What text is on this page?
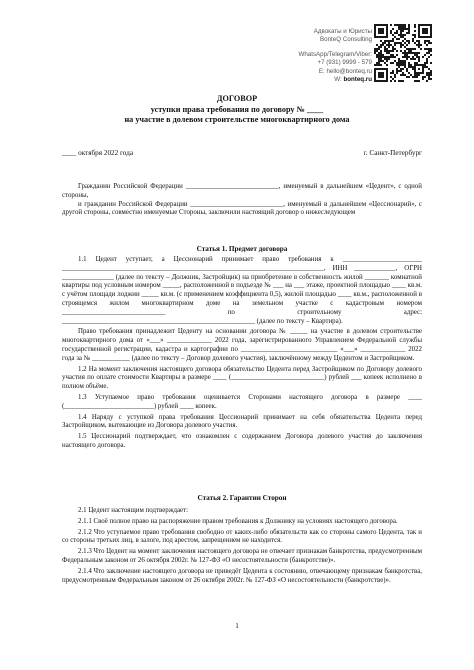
Адвокаты и Юристы
BonteQ Consulting
WhatsApp/Telegram/Viber:
+7 (931) 9999 - 579
E: hello@bonteq.ru
W: bonteq.ru
ДОГОВОР
уступки права требования по договору № ____
на участие в долевом строительстве многоквартирного дома
____ октября 2022 года	г. Санкт-Петербург

Гражданин Российской Федерации ___________________________, именуемый в дальнейшем «Цедент», с одной стороны,

и гражданин Российской Федерации ___________________________, именуемый в дальнейшем «Цессионарий», с другой стороны, совместно именуемые Стороны, заключили настоящий договор о нижеследующем

Статья 1. Предмет договора

1.1 Цедент уступает, а Цессионарий принимает право требования к _______________________ ____________________________________________________________________________, ИНН ____________, ОГРН _______________ (далее по тексту – Должник, Застройщик) на приобретение в собственность жилой _______ комнатной квартиры под условным номером _____, расположенной в подъезде № ___ на ___ этаже, проектной площадью ____ кв.м. с учётом площади лоджии _____ кв.м. (с применением коэффициента 0,5), жилой площадью ____ кв.м., расположенной в строящемся жилом многоквартирном доме на земельном участке с кадастровым номером ______________________________ по строительному адрес: ________________________________________________________ (далее по тексту – Квартира).

Право требования принадлежит Цеденту на основании договора № _____ на участие в долевом строительстве многоквартирного дома от «___» _____________ 2022 года, зарегистрированного Управлением Федеральной службы государственной регистрации, кадастра и картографии по ____________________________ «___» _____________ 2022 года за № ___________ (далее по тексту – Договор долевого участия), заключённому между Цедентом и Застройщиком.

1.2 На момент заключения настоящего договора обязательство Цедента перед Застройщиком по Договору долевого участия по оплате стоимости Квартиры в размере ____ (___________________________) рублей ___ копеек исполнено в полном объёме.

1.3 Уступаемое право требования оценивается Сторонами настоящего договора в размере ____ (__________________________) рублей ____ копеек.

1.4 Наряду с уступкой права требования Цессионарий принимает на себя обязательства Цедента перед Застройщиком, вытекающие из Договора долевого участия.

1.5 Цессионарий подтверждает, что ознакомлен с содержанием Договора долевого участия до заключения настоящего договора.

Статья 2. Гарантии Сторон

2.1 Цедент настоящим подтверждает:

2.1.1 Своё полное право на распоряжение правом требования к Должнику на условиях настоящего договора.

2.1.2 Что уступаемое право требования свободно от каких-либо обязательств как со стороны самого Цедента, так и со стороны третьих лиц, в залоге, под арестом, запрещением не находится.

2.1.3 Что Цедент на момент заключения настоящего договора не отвечает признакам банкротства, предусмотренным Федеральным законом от 26 октября 2002г. № 127-ФЗ «О несостоятельности (банкротстве)».

2.1.4 Что заключение настоящего договора не приведёт Цедента к состоянию, отвечающему признакам банкротства, предусмотренным Федеральным законом от 26 октября 2002г. № 127-ФЗ «О несостоятельности (банкротстве)».

1
